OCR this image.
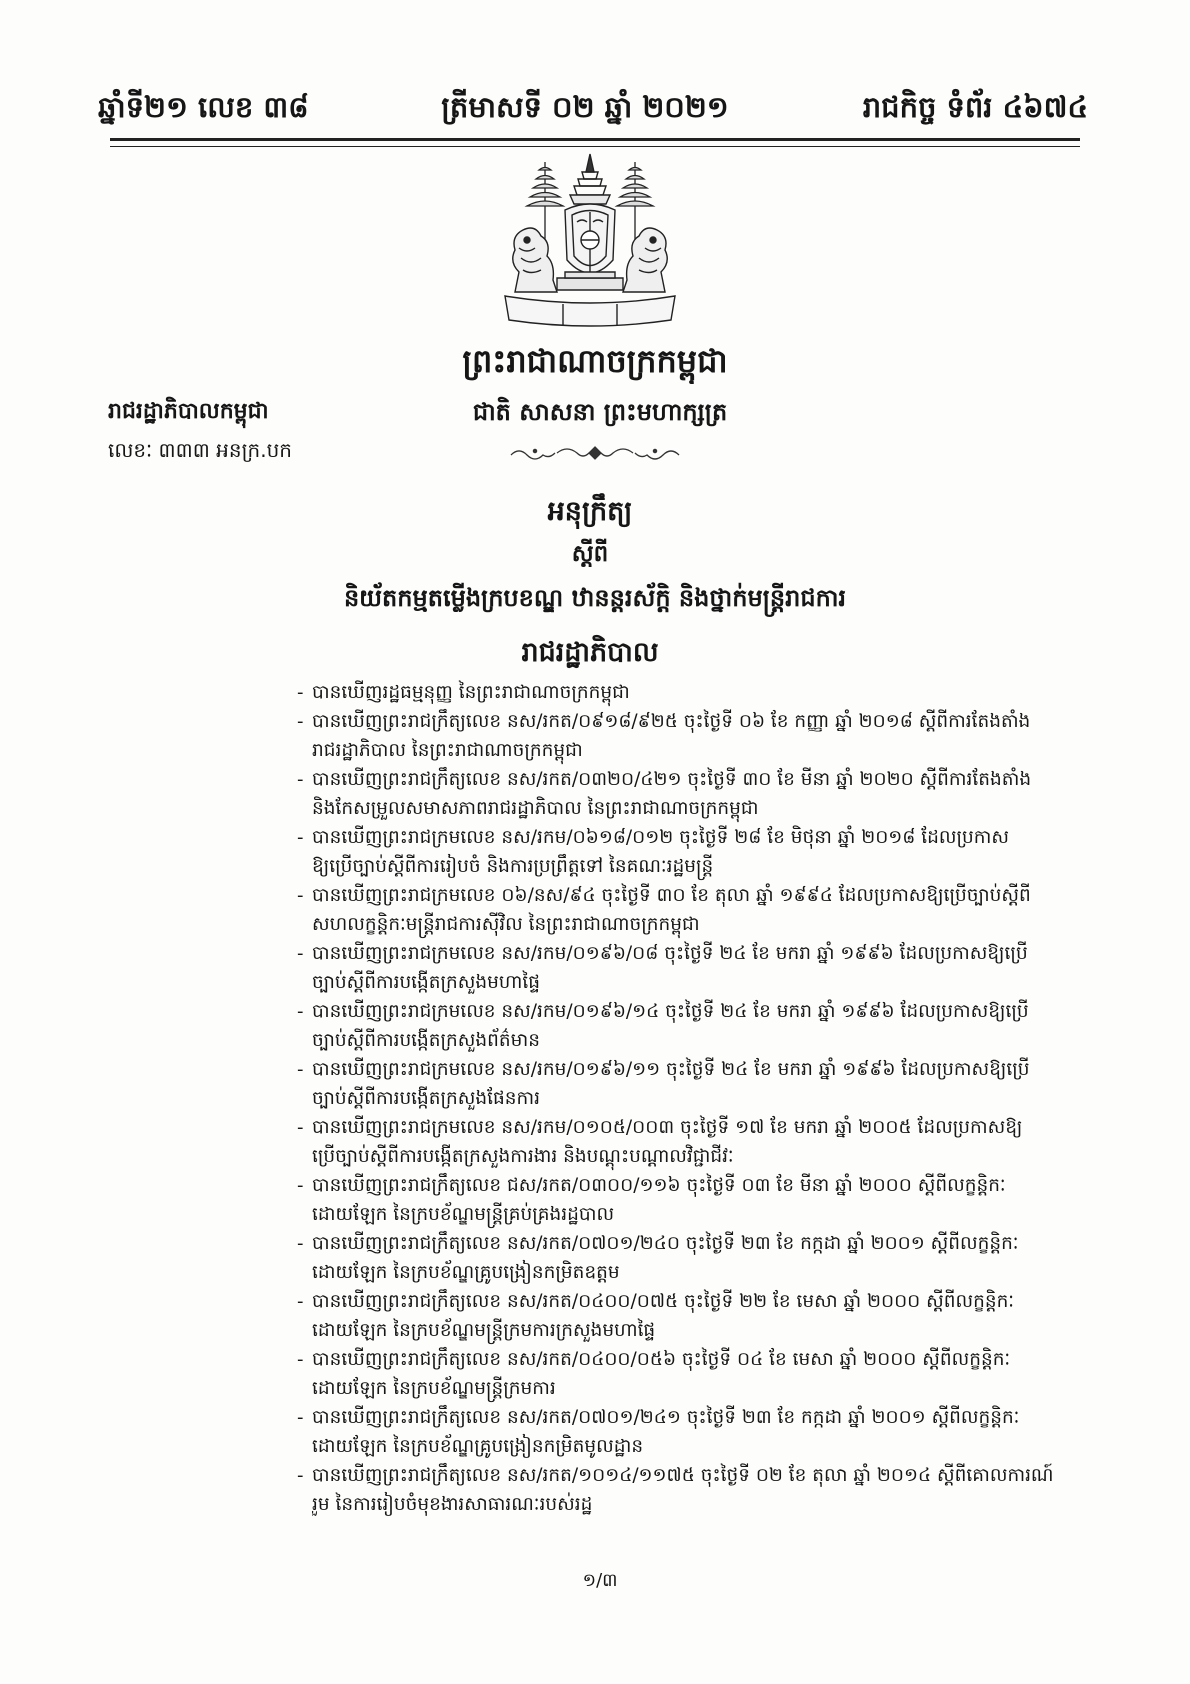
ឆ្នាំទី២១ លេខ ៣៨	ត្រីមាសទី ០២ ឆ្នាំ ២០២១	រាជកិច្ច ទំព័រ ៤៦៧៤
ព្រះរាជាណាចក្រកម្ពុជា
រាជរដ្ឋាភិបាលកម្ពុជា	ជាតិ សាសនា ព្រះមហាក្សត្រ
លេខៈ ៣៣៣ អនក្រ.បក
អនុក្រឹត្យ
ស្តីពី
និយ័តកម្មតម្លើងក្របខណ្ឌ ឋានន្តរស័ក្តិ និងថ្នាក់មន្ត្រីរាជការ
រាជរដ្ឋាភិបាល
- បានឃើញរដ្ឋធម្មនុញ្ញ នៃព្រះរាជាណាចក្រកម្ពុជា
- បានឃើញព្រះរាជក្រឹត្យលេខ នស/រកត/០៩១៨/៩២៥ ចុះថ្ងៃទី ០៦ ខែ កញ្ញា ឆ្នាំ ២០១៨ ស្តីពីការតែងតាំង
រាជរដ្ឋាភិបាល នៃព្រះរាជាណាចក្រកម្ពុជា
- បានឃើញព្រះរាជក្រឹត្យលេខ នស/រកត/០៣២០/៤២១ ចុះថ្ងៃទី ៣០ ខែ មីនា ឆ្នាំ ២០២០ ស្តីពីការតែងតាំង
និងកែសម្រួលសមាសភាពរាជរដ្ឋាភិបាល នៃព្រះរាជាណាចក្រកម្ពុជា
- បានឃើញព្រះរាជក្រមលេខ នស/រកម/០៦១៨/០១២ ចុះថ្ងៃទី ២៨ ខែ មិថុនា ឆ្នាំ ២០១៨ ដែលប្រកាស
ឱ្យប្រើច្បាប់ស្តីពីការរៀបចំ និងការប្រព្រឹត្តទៅ នៃគណៈរដ្ឋមន្ត្រី
- បានឃើញព្រះរាជក្រមលេខ ០៦/នស/៩៤ ចុះថ្ងៃទី ៣០ ខែ តុលា ឆ្នាំ ១៩៩៤ ដែលប្រកាសឱ្យប្រើច្បាប់ស្តីពី
សហលក្ខន្តិកៈមន្ត្រីរាជការស៊ីវិល នៃព្រះរាជាណាចក្រកម្ពុជា
- បានឃើញព្រះរាជក្រមលេខ នស/រកម/០១៩៦/០៨ ចុះថ្ងៃទី ២៤ ខែ មករា ឆ្នាំ ១៩៩៦ ដែលប្រកាសឱ្យប្រើ
ច្បាប់ស្តីពីការបង្កើតក្រសួងមហាផ្ទៃ
- បានឃើញព្រះរាជក្រមលេខ នស/រកម/០១៩៦/១៤ ចុះថ្ងៃទី ២៤ ខែ មករា ឆ្នាំ ១៩៩៦ ដែលប្រកាសឱ្យប្រើ
ច្បាប់ស្តីពីការបង្កើតក្រសួងព័ត៌មាន
- បានឃើញព្រះរាជក្រមលេខ នស/រកម/០១៩៦/១១ ចុះថ្ងៃទី ២៤ ខែ មករា ឆ្នាំ ១៩៩៦ ដែលប្រកាសឱ្យប្រើ
ច្បាប់ស្តីពីការបង្កើតក្រសួងផែនការ
- បានឃើញព្រះរាជក្រមលេខ នស/រកម/០១០៥/០០៣ ចុះថ្ងៃទី ១៧ ខែ មករា ឆ្នាំ ២០០៥ ដែលប្រកាសឱ្យ
ប្រើច្បាប់ស្តីពីការបង្កើតក្រសួងការងារ និងបណ្តុះបណ្តាលវិជ្ជាជីវៈ
- បានឃើញព្រះរាជក្រឹត្យលេខ ជស/រកត/០៣០០/១១៦ ចុះថ្ងៃទី ០៣ ខែ មីនា ឆ្នាំ ២០០០ ស្តីពីលក្ខន្តិកៈ
ដោយឡែក នៃក្របខ័ណ្ឌមន្ត្រីគ្រប់គ្រងរដ្ឋបាល
- បានឃើញព្រះរាជក្រឹត្យលេខ នស/រកត/០៧០១/២៤០ ចុះថ្ងៃទី ២៣ ខែ កក្កដា ឆ្នាំ ២០០១ ស្តីពីលក្ខន្តិកៈ
ដោយឡែក នៃក្របខ័ណ្ឌគ្រូបង្រៀនកម្រិតឧត្តម
- បានឃើញព្រះរាជក្រឹត្យលេខ នស/រកត/០៤០០/០៧៥ ចុះថ្ងៃទី ២២ ខែ មេសា ឆ្នាំ ២០០០ ស្តីពីលក្ខន្តិកៈ
ដោយឡែក នៃក្របខ័ណ្ឌមន្ត្រីក្រមការក្រសួងមហាផ្ទៃ
- បានឃើញព្រះរាជក្រឹត្យលេខ នស/រកត/០៤០០/០៥៦ ចុះថ្ងៃទី ០៤ ខែ មេសា ឆ្នាំ ២០០០ ស្តីពីលក្ខន្តិកៈ
ដោយឡែក នៃក្របខ័ណ្ឌមន្ត្រីក្រមការ
- បានឃើញព្រះរាជក្រឹត្យលេខ នស/រកត/០៧០១/២៤១ ចុះថ្ងៃទី ២៣ ខែ កក្កដា ឆ្នាំ ២០០១ ស្តីពីលក្ខន្តិកៈ
ដោយឡែក នៃក្របខ័ណ្ឌគ្រូបង្រៀនកម្រិតមូលដ្ឋាន
- បានឃើញព្រះរាជក្រឹត្យលេខ នស/រកត/១០១៤/១១៧៥ ចុះថ្ងៃទី ០២ ខែ តុលា ឆ្នាំ ២០១៤ ស្តីពីគោលការណ៍
រួម នៃការរៀបចំមុខងារសាធារណៈរបស់រដ្ឋ
១/៣
